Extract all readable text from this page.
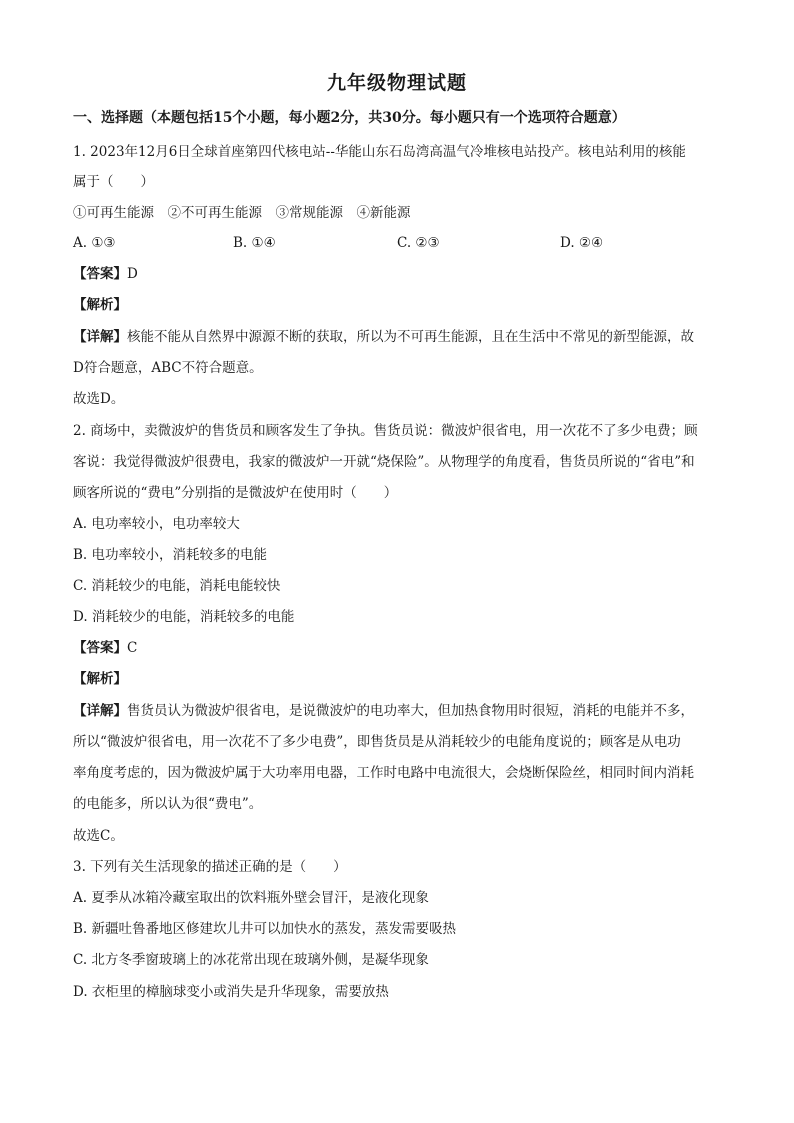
九年级物理试题
一、选择题（本题包括15个小题，每小题2分，共30分。每小题只有一个选项符合题意）
1. 2023年12月6日全球首座第四代核电站--华能山东石岛湾高温气冷堆核电站投产。核电站利用的核能
属于（　　）
①可再生能源　②不可再生能源　③常规能源　④新能源
A. ①③	B. ①④	C. ②③	D. ②④
【答案】D
【解析】
【详解】核能不能从自然界中源源不断的获取，所以为不可再生能源，且在生活中不常见的新型能源，故
D符合题意，ABC不符合题意。
故选D。
2. 商场中，卖微波炉的售货员和顾客发生了争执。售货员说：微波炉很省电，用一次花不了多少电费；顾
客说：我觉得微波炉很费电，我家的微波炉一开就“烧保险”。从物理学的角度看，售货员所说的“省电”和
顾客所说的“费电”分别指的是微波炉在使用时（　　）
A. 电功率较小，电功率较大
B. 电功率较小，消耗较多的电能
C. 消耗较少的电能，消耗电能较快
D. 消耗较少的电能，消耗较多的电能
【答案】C
【解析】
【详解】售货员认为微波炉很省电，是说微波炉的电功率大，但加热食物用时很短，消耗的电能并不多，
所以“微波炉很省电，用一次花不了多少电费”，即售货员是从消耗较少的电能角度说的；顾客是从电功
率角度考虑的，因为微波炉属于大功率用电器，工作时电路中电流很大，会烧断保险丝，相同时间内消耗
的电能多，所以认为很“费电”。
故选C。
3. 下列有关生活现象的描述正确的是（　　）
A. 夏季从冰箱冷藏室取出的饮料瓶外壁会冒汗，是液化现象
B. 新疆吐鲁番地区修建坎儿井可以加快水的蒸发，蒸发需要吸热
C. 北方冬季窗玻璃上的冰花常出现在玻璃外侧，是凝华现象
D. 衣柜里的樟脑球变小或消失是升华现象，需要放热
